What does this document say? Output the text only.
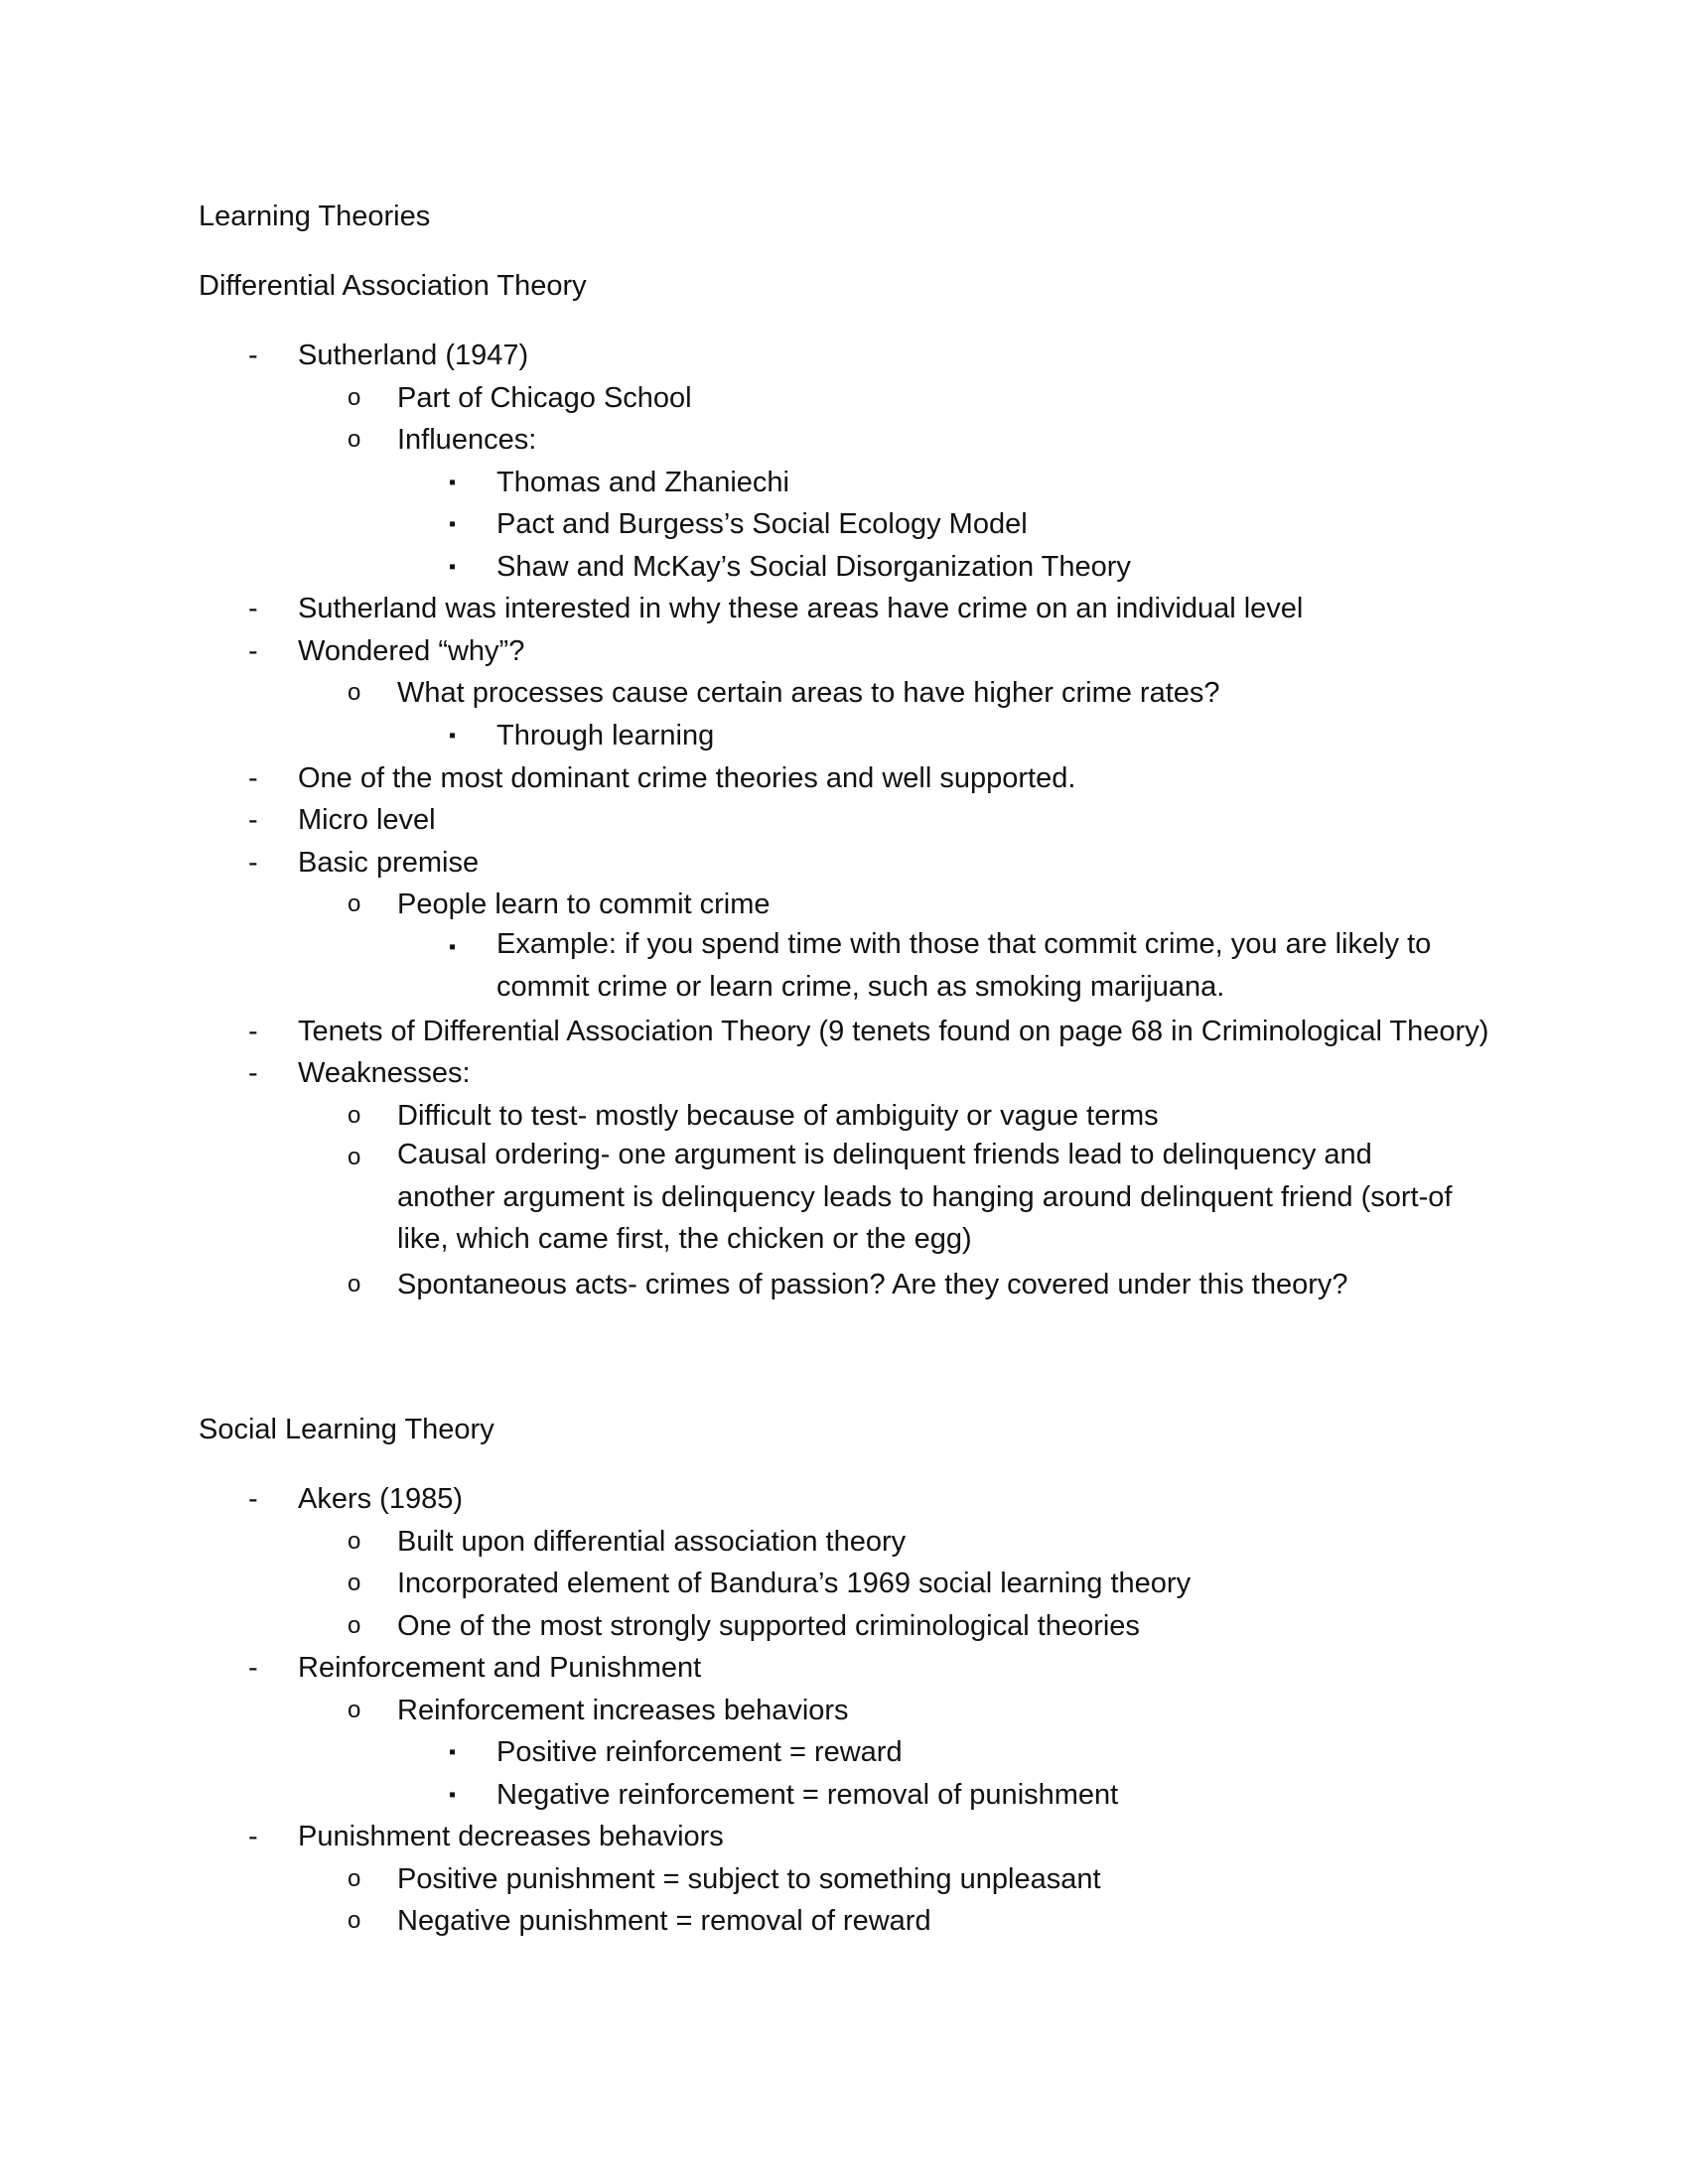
Learning Theories
Differential Association Theory
- Sutherland (1947)
o Part of Chicago School
o Influences:
▪ Thomas and Zhaniechi
▪ Pact and Burgess’s Social Ecology Model
▪ Shaw and McKay’s Social Disorganization Theory
- Sutherland was interested in why these areas have crime on an individual level
- Wondered “why”?
o What processes cause certain areas to have higher crime rates?
▪ Through learning
- One of the most dominant crime theories and well supported.
- Micro level
- Basic premise
o People learn to commit crime
▪ Example: if you spend time with those that commit crime, you are likely to commit crime or learn crime, such as smoking marijuana.
- Tenets of Differential Association Theory (9 tenets found on page 68 in Criminological Theory)
- Weaknesses:
o Difficult to test- mostly because of ambiguity or vague terms
o Causal ordering- one argument is delinquent friends lead to delinquency and another argument is delinquency leads to hanging around delinquent friend (sort-of like, which came first, the chicken or the egg)
o Spontaneous acts- crimes of passion? Are they covered under this theory?
Social Learning Theory
- Akers (1985)
o Built upon differential association theory
o Incorporated element of Bandura’s 1969 social learning theory
o One of the most strongly supported criminological theories
- Reinforcement and Punishment
o Reinforcement increases behaviors
▪ Positive reinforcement = reward
▪ Negative reinforcement = removal of punishment
- Punishment decreases behaviors
o Positive punishment = subject to something unpleasant
o Negative punishment = removal of reward
